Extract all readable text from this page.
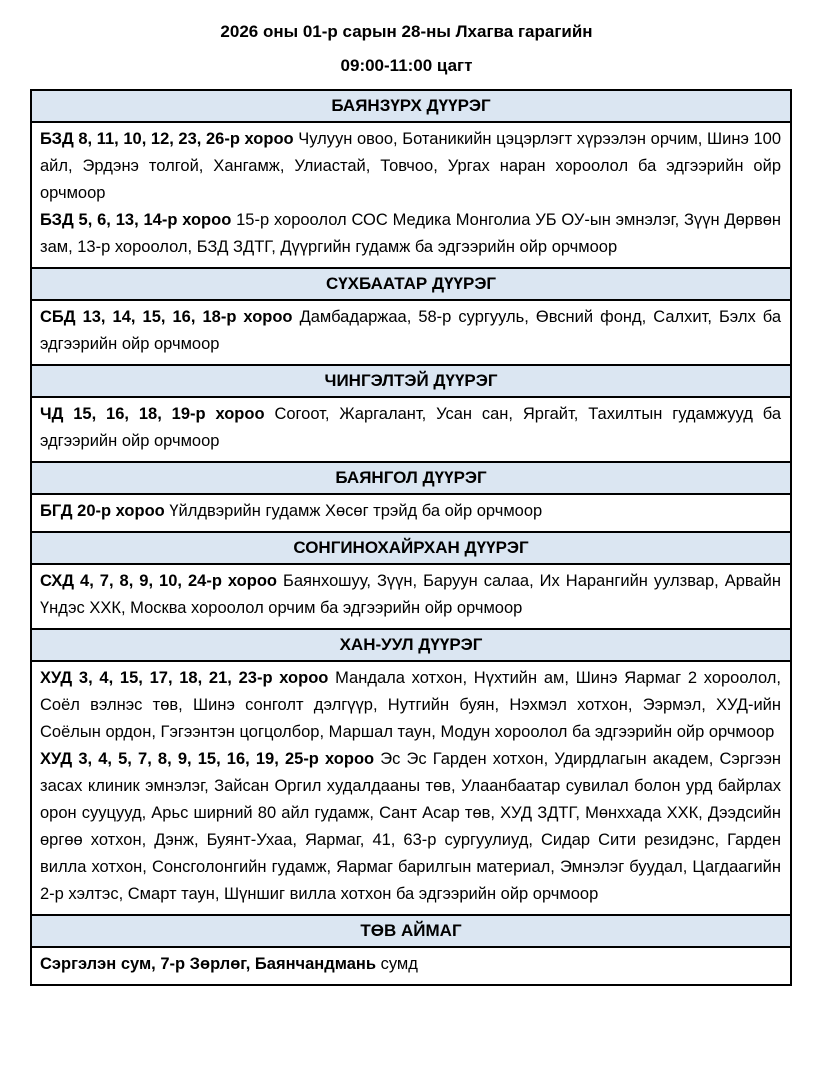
2026 оны 01-р сарын 28-ны Лхагва гарагийн

09:00-11:00 цагт

БАЯНЗҮРХ ДҮҮРЭГ

БЗД 8, 11, 10, 12, 23, 26-р хороо Чулуун овоо, Ботаникийн цэцэрлэгт хүрээлэн орчим, Шинэ 100 айл, Эрдэнэ толгой, Хангамж, Улиастай, Товчоо, Ургах наран хороолол ба эдгээрийн ойр орчмоор

БЗД 5, 6, 13, 14-р хороо 15-р хороолол СОС Медика Монголиа УБ ОУ-ын эмнэлэг, Зүүн Дөрвөн зам, 13-р хороолол, БЗД ЗДТГ, Дүүргийн гудамж ба эдгээрийн ойр орчмоор

СҮХБААТАР ДҮҮРЭГ

СБД 13, 14, 15, 16, 18-р хороо Дамбадаржаа, 58-р сургууль, Өвсний фонд, Салхит, Бэлх ба эдгээрийн ойр орчмоор

ЧИНГЭЛТЭЙ ДҮҮРЭГ

ЧД 15, 16, 18, 19-р хороо Согоот, Жаргалант, Усан сан, Яргайт, Тахилтын гудамжууд ба эдгээрийн ойр орчмоор

БАЯНГОЛ ДҮҮРЭГ

БГД 20-р хороо Үйлдвэрийн гудамж Хөсөг трэйд ба ойр орчмоор

СОНГИНОХАЙРХАН ДҮҮРЭГ

СХД 4, 7, 8, 9, 10, 24-р хороо Баянхошуу, Зүүн, Баруун салаа, Их Нарангийн уулзвар, Арвайн Үндэс ХХК, Москва хороолол орчим ба эдгээрийн ойр орчмоор

ХАН-УУЛ ДҮҮРЭГ

ХУД 3, 4, 15, 17, 18, 21, 23-р хороо Мандала хотхон, Нүхтийн ам, Шинэ Яармаг 2 хороолол, Соёл вэлнэс төв, Шинэ сонголт дэлгүүр, Нутгийн буян, Нэхмэл хотхон, Ээрмэл, ХУД-ийн Соёлын ордон, Гэгээнтэн цогцолбор, Маршал таун, Модун хороолол ба эдгээрийн ойр орчмоор

ХУД 3, 4, 5, 7, 8, 9, 15, 16, 19, 25-р хороо Эс Эс Гарден хотхон, Удирдлагын академ, Сэргээн засах клиник эмнэлэг, Зайсан Оргил худалдааны төв, Улаанбаатар сувилал болон урд байрлах орон сууцууд, Арьс ширний 80 айл гудамж, Сант Асар төв, ХУД ЗДТГ, Мөнххада ХХК, Дээдсийн өргөө хотхон, Дэнж, Буянт-Ухаа, Яармаг, 41, 63-р сургуулиуд, Сидар Сити резидэнс, Гарден вилла хотхон, Сонсголонгийн гудамж, Яармаг барилгын материал, Эмнэлэг буудал, Цагдаагийн 2-р хэлтэс, Смарт таун, Шүншиг вилла хотхон ба эдгээрийн ойр орчмоор

ТӨВ АЙМАГ

Сэргэлэн сум, 7-р Зөрлөг, Баянчандмань сумд
